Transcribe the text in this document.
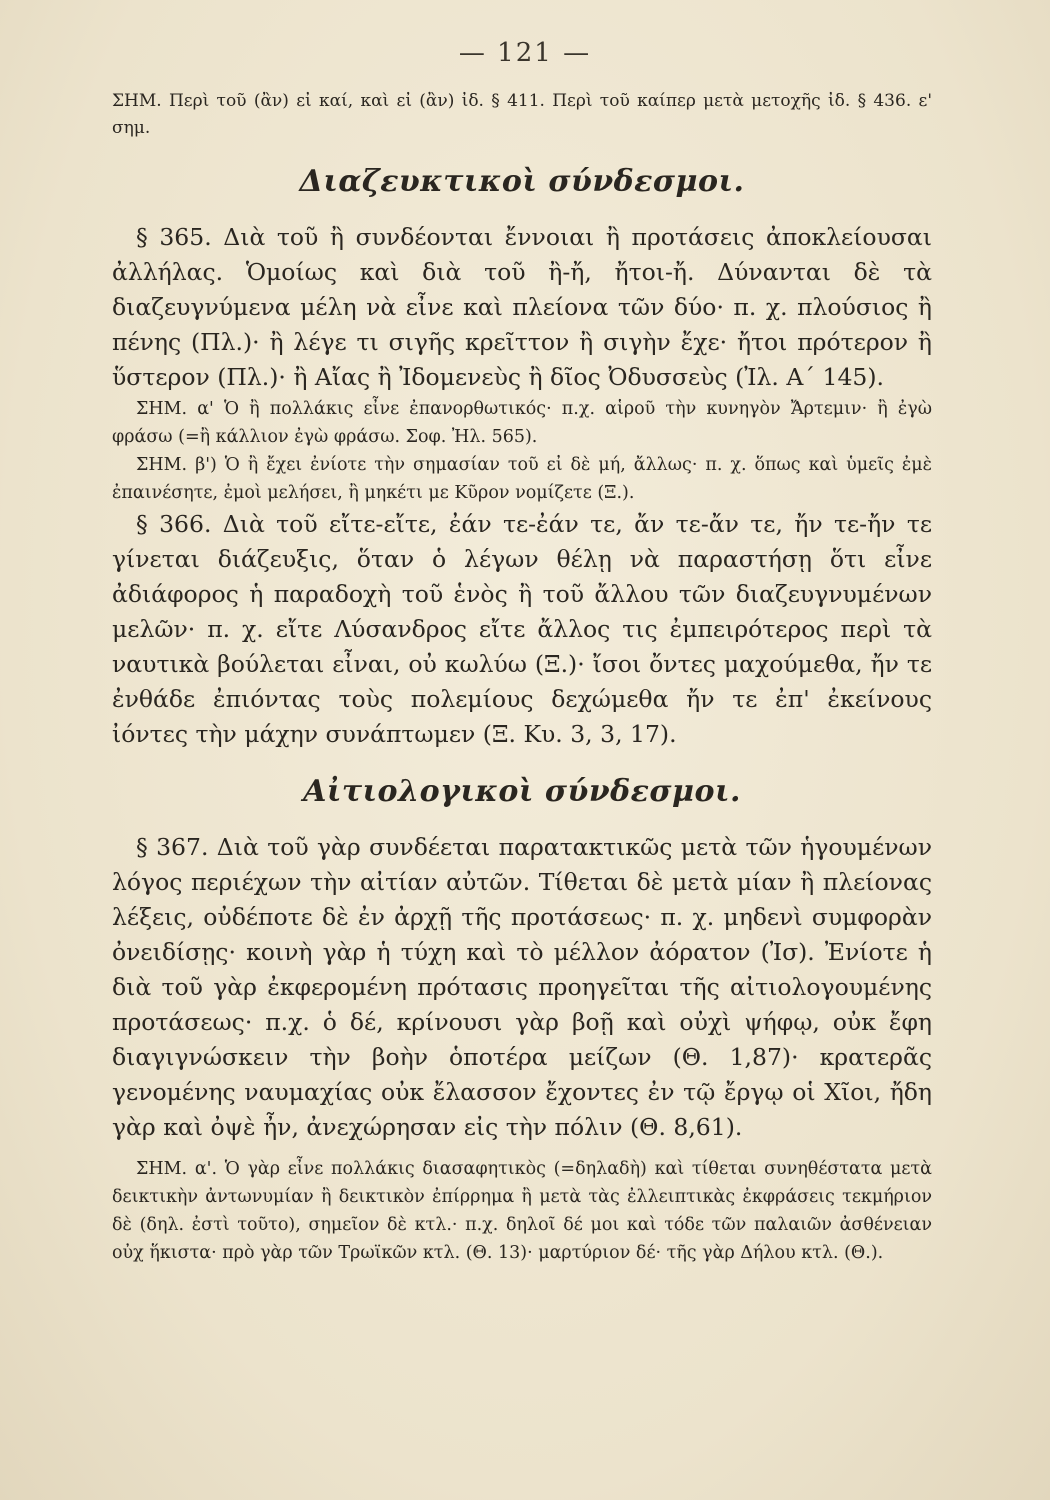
— 121 —

ΣΗΜ. Περὶ τοῦ (ἂν) εἰ καί, καὶ εἰ (ἂν) ἰδ. § 411. Περὶ τοῦ καίπερ μετὰ μετοχῆς ἰδ. § 436. ε' σημ.

Διαζευκτικοὶ σύνδεσμοι.

§ 365. Διὰ τοῦ ἢ συνδέονται ἔννοιαι ἢ προτάσεις ἀποκλείουσαι ἀλλήλας. Ὁμοίως καὶ διὰ τοῦ ἢ-ἤ, ἤτοι-ἤ. Δύνανται δὲ τὰ διαζευγνύμενα μέλη νὰ εἶνε καὶ πλείονα τῶν δύο· π. χ. πλούσιος ἢ πένης (Πλ.)· ἢ λέγε τι σιγῆς κρεῖττον ἢ σιγὴν ἔχε· ἤτοι πρότερον ἢ ὕστερον (Πλ.)· ἢ Αἴας ἢ Ἰδομενεὺς ἢ δῖος Ὀδυσσεὺς (Ἰλ. Α΄ 145).

ΣΗΜ. α' Ὁ ἢ πολλάκις εἶνε ἐπανορθωτικός· π.χ. αἱροῦ τὴν κυνηγὸν Ἄρτεμιν· ἢ ἐγὼ φράσω (=ἢ κάλλιον ἐγὼ φράσω. Σοφ. Ἠλ. 565).

ΣΗΜ. β') Ὁ ἢ ἔχει ἐνίοτε τὴν σημασίαν τοῦ εἰ δὲ μή, ἄλλως· π. χ. ὅπως καὶ ὑμεῖς ἐμὲ ἐπαινέσητε, ἐμοὶ μελήσει, ἢ μηκέτι με Κῦρον νομίζετε (Ξ.).

§ 366. Διὰ τοῦ εἴτε-εἴτε, ἐάν τε-ἐάν τε, ἄν τε-ἄν τε, ἤν τε-ἤν τε γίνεται διάζευξις, ὅταν ὁ λέγων θέλῃ νὰ παραστήσῃ ὅτι εἶνε ἀδιάφορος ἡ παραδοχὴ τοῦ ἑνὸς ἢ τοῦ ἄλλου τῶν διαζευγνυμένων μελῶν· π. χ. εἴτε Λύσανδρος εἴτε ἄλλος τις ἐμπειρότερος περὶ τὰ ναυτικὰ βούλεται εἶναι, οὐ κωλύω (Ξ.)· ἴσοι ὄντες μαχούμεθα, ἤν τε ἐνθάδε ἐπιόντας τοὺς πολεμίους δεχώμεθα ἤν τε ἐπ' ἐκείνους ἰόντες τὴν μάχην συνάπτωμεν (Ξ. Κυ. 3, 3, 17).

Αἰτιολογικοὶ σύνδεσμοι.

§ 367. Διὰ τοῦ γὰρ συνδέεται παρατακτικῶς μετὰ τῶν ἡγουμένων λόγος περιέχων τὴν αἰτίαν αὐτῶν. Τίθεται δὲ μετὰ μίαν ἢ πλείονας λέξεις, οὐδέποτε δὲ ἐν ἀρχῇ τῆς προτάσεως· π. χ. μηδενὶ συμφορὰν ὀνειδίσῃς· κοινὴ γὰρ ἡ τύχη καὶ τὸ μέλλον ἀόρατον (Ἰσ). Ἐνίοτε ἡ διὰ τοῦ γὰρ ἐκφερομένη πρότασις προηγεῖται τῆς αἰτιολογουμένης προτάσεως· π.χ. ὁ δέ, κρίνουσι γὰρ βοῇ καὶ οὐχὶ ψήφῳ, οὐκ ἔφη διαγιγνώσκειν τὴν βοὴν ὁποτέρα μείζων (Θ. 1,87)· κρατερᾶς γενομένης ναυμαχίας οὐκ ἔλασσον ἔχοντες ἐν τῷ ἔργῳ οἱ Χῖοι, ἤδη γὰρ καὶ ὀψὲ ἦν, ἀνεχώρησαν εἰς τὴν πόλιν (Θ. 8,61).

ΣΗΜ. α'. Ὁ γὰρ εἶνε πολλάκις διασαφητικὸς (=δηλαδὴ) καὶ τίθεται συνηθέστατα μετὰ δεικτικὴν ἀντωνυμίαν ἢ δεικτικὸν ἐπίρρημα ἢ μετὰ τὰς ἐλλειπτικὰς ἐκφράσεις τεκμήριον δὲ (δηλ. ἐστὶ τοῦτο), σημεῖον δὲ κτλ.· π.χ. δηλοῖ δέ μοι καὶ τόδε τῶν παλαιῶν ἀσθένειαν οὐχ ἥκιστα· πρὸ γὰρ τῶν Τρωϊκῶν κτλ. (Θ. 13)· μαρτύριον δέ· τῆς γὰρ Δήλου κτλ. (Θ.).
